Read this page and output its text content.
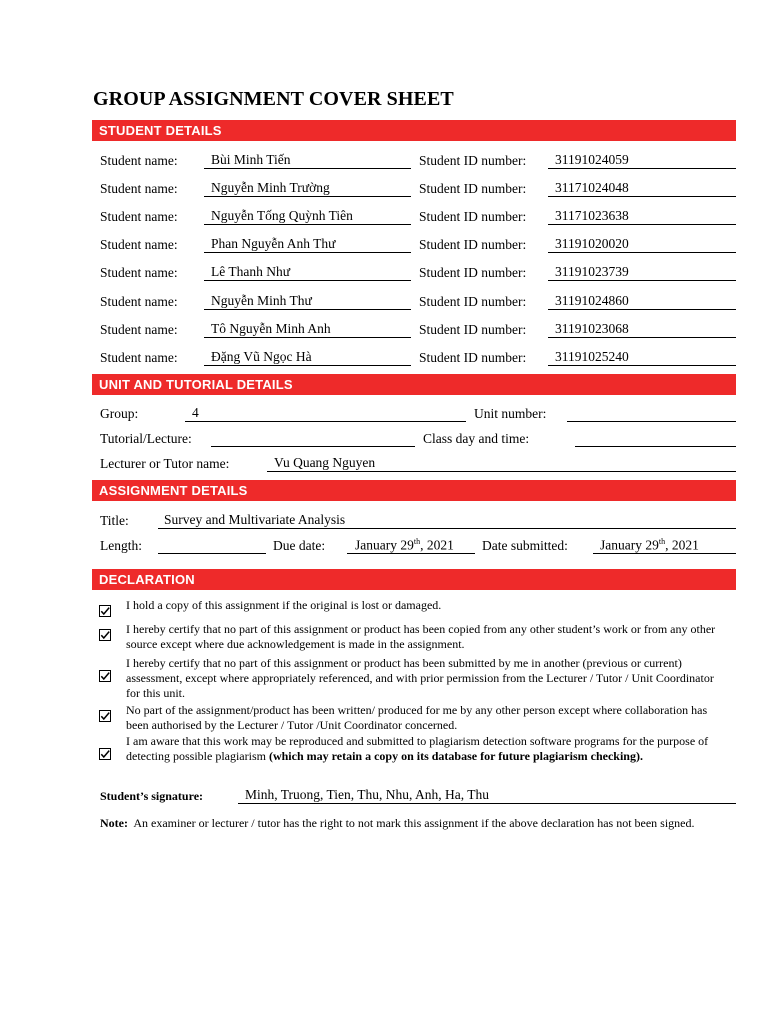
GROUP ASSIGNMENT COVER SHEET
STUDENT DETAILS
Student name: Bùi Minh Tiến	Student ID number: 31191024059
Student name: Nguyễn Minh Trường	Student ID number: 31171024048
Student name: Nguyễn Tống Quỳnh Tiên	Student ID number: 31171023638
Student name: Phan Nguyễn Anh Thư	Student ID number: 31191020020
Student name: Lê Thanh Như	Student ID number: 31191023739
Student name: Nguyễn Minh Thư	Student ID number: 31191024860
Student name: Tô Nguyễn Minh Anh	Student ID number: 31191023068
Student name: Đặng Vũ Ngọc Hà	Student ID number: 31191025240
UNIT AND TUTORIAL DETAILS
Group:	4	Unit number:
Tutorial/Lecture:	Class day and time:
Lecturer or Tutor name:	Vu Quang Nguyen
ASSIGNMENT DETAILS
Title:	Survey and Multivariate Analysis
Length:	Due date: January 29th, 2021 Date submitted: January 29th, 2021
DECLARATION
I hold a copy of this assignment if the original is lost or damaged.
I hereby certify that no part of this assignment or product has been copied from any other student’s work or from any other source except where due acknowledgement is made in the assignment.
I hereby certify that no part of this assignment or product has been submitted by me in another (previous or current) assessment, except where appropriately referenced, and with prior permission from the Lecturer / Tutor / Unit Coordinator for this unit.
No part of the assignment/product has been written/ produced for me by any other person except where collaboration has been authorised by the Lecturer / Tutor /Unit Coordinator concerned.
I am aware that this work may be reproduced and submitted to plagiarism detection software programs for the purpose of detecting possible plagiarism (which may retain a copy on its database for future plagiarism checking).
Student’s signature:	Minh, Truong, Tien, Thu, Nhu, Anh, Ha, Thu
Note: An examiner or lecturer / tutor has the right to not mark this assignment if the above declaration has not been signed.
